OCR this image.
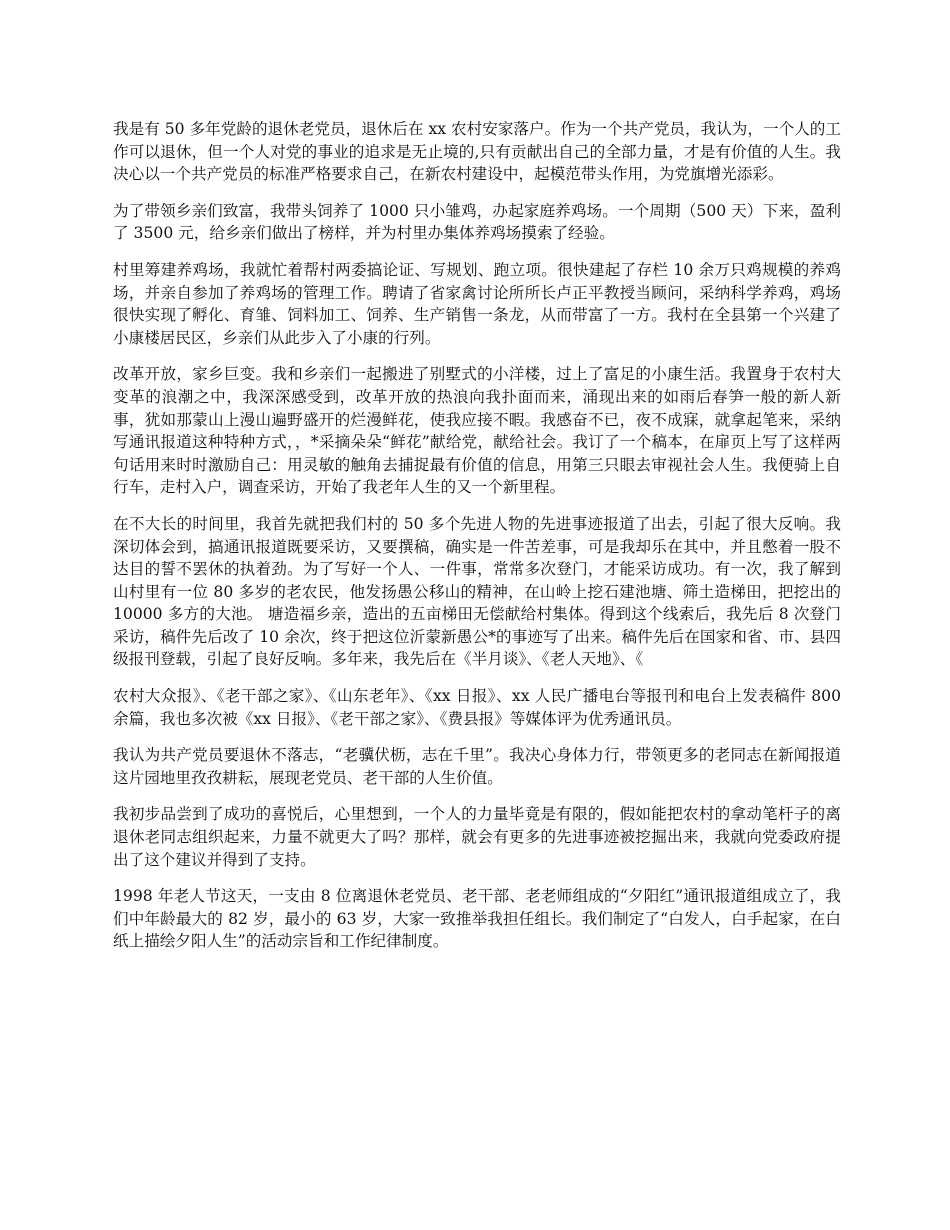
我是有 50 多年党龄的退休老党员，退休后在 xx 农村安家落户。作为一个共产党员，我认为，一个人的工作可以退休，但一个人对党的事业的追求是无止境的,只有贡献出自己的全部力量，才是有价值的人生。我决心以一个共产党员的标准严格要求自己，在新农村建设中，起模范带头作用，为党旗增光添彩。

为了带领乡亲们致富，我带头饲养了 1000 只小雏鸡，办起家庭养鸡场。一个周期（500 天）下来，盈利了 3500 元，给乡亲们做出了榜样，并为村里办集体养鸡场摸索了经验。

村里筹建养鸡场，我就忙着帮村两委搞论证、写规划、跑立项。很快建起了存栏 10 余万只鸡规模的养鸡场，并亲自参加了养鸡场的管理工作。聘请了省家禽讨论所所长卢正平教授当顾问，采纳科学养鸡，鸡场很快实现了孵化、育雏、饲料加工、饲养、生产销售一条龙，从而带富了一方。我村在全县第一个兴建了小康楼居民区，乡亲们从此步入了小康的行列。

改革开放，家乡巨变。我和乡亲们一起搬进了别墅式的小洋楼，过上了富足的小康生活。我置身于农村大变革的浪潮之中，我深深感受到，改革开放的热浪向我扑面而来，涌现出来的如雨后春笋一般的新人新事，犹如那蒙山上漫山遍野盛开的烂漫鲜花，使我应接不暇。我感奋不已，夜不成寐，就拿起笔来，采纳写通讯报道这种特种方式，，*采摘朵朵“鲜花”献给党，献给社会。我订了一个稿本，在扉页上写了这样两句话用来时时激励自己：用灵敏的触角去捕捉最有价值的信息，用第三只眼去审视社会人生。我便骑上自行车，走村入户，调查采访，开始了我老年人生的又一个新里程。

在不大长的时间里，我首先就把我们村的 50 多个先进人物的先进事迹报道了出去，引起了很大反响。我深切体会到，搞通讯报道既要采访，又要撰稿，确实是一件苦差事，可是我却乐在其中，并且憋着一股不达目的誓不罢休的执着劲。为了写好一个人、一件事，常常多次登门，才能采访成功。有一次，我了解到山村里有一位 80 多岁的老农民，他发扬愚公移山的精神，在山岭上挖石建池塘、筛土造梯田，把挖出的 10000 多方的大池。 塘造福乡亲，造出的五亩梯田无偿献给村集体。得到这个线索后，我先后 8 次登门采访，稿件先后改了 10 余次，终于把这位沂蒙新愚公*的事迹写了出来。稿件先后在国家和省、市、县四级报刊登载，引起了良好反响。多年来，我先后在《半月谈》、《老人天地》、《

农村大众报》、《老干部之家》、《山东老年》、《xx 日报》、xx 人民广播电台等报刊和电台上发表稿件 800 余篇，我也多次被《xx 日报》、《老干部之家》、《费县报》等媒体评为优秀通讯员。

我认为共产党员要退休不落志，“老骥伏枥，志在千里”。我决心身体力行，带领更多的老同志在新闻报道这片园地里孜孜耕耘，展现老党员、老干部的人生价值。

我初步品尝到了成功的喜悦后，心里想到，一个人的力量毕竟是有限的，假如能把农村的拿动笔杆子的离退休老同志组织起来，力量不就更大了吗？那样，就会有更多的先进事迹被挖掘出来，我就向党委政府提出了这个建议并得到了支持。

1998 年老人节这天，一支由 8 位离退休老党员、老干部、老老师组成的“夕阳红”通讯报道组成立了，我们中年龄最大的 82 岁，最小的 63 岁，大家一致推举我担任组长。我们制定了“白发人，白手起家，在白纸上描绘夕阳人生”的活动宗旨和工作纪律制度。
